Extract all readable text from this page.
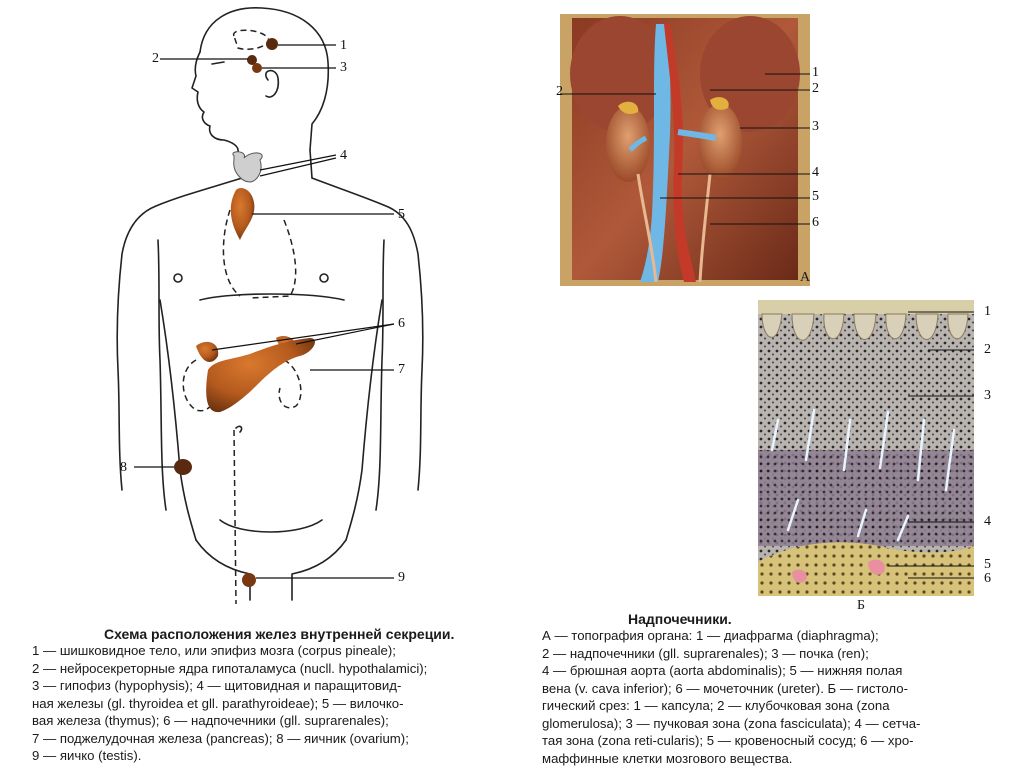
1
2
3
4
5
6
7
8
9
1
2
3
4
5
6
2
А
1
2
3
4
5
6
Б
Схема расположения желез внутренней секреции.
1 — шишковидное тело, или эпифиз мозга (corpus pineale);
2 — нейросекреторные ядра гипоталамуса (nucll. hypothalamici);
3 — гипофиз (hypophysis); 4 — щитовидная и паращитовид-
ная железы (gl. thyroidea et gll. parathyroideae); 5 — вилочко-
вая железа (thymus); 6 — надпочечники (gll. suprarenales);
7 — поджелудочная железа (pancreas); 8 — яичник (ovarium);
9 — яичко (testis).
Надпочечники.
А — топография органа: 1 — диафрагма (diaphragma);
2 — надпочечники (gll. suprarenales); 3 — почка (ren);
4 — брюшная аорта (aorta abdominalis); 5 — нижняя полая
вена (v. cava inferior); 6 — мочеточник (ureter). Б — гистоло-
гический срез: 1 — капсула; 2 — клубочковая зона (zona
glomerulosa); 3 — пучковая зона (zona fasciculata); 4 — сетча-
тая зона (zona reti-cularis); 5 — кровеносный сосуд; 6 — хро-
маффинные клетки мозгового вещества.
